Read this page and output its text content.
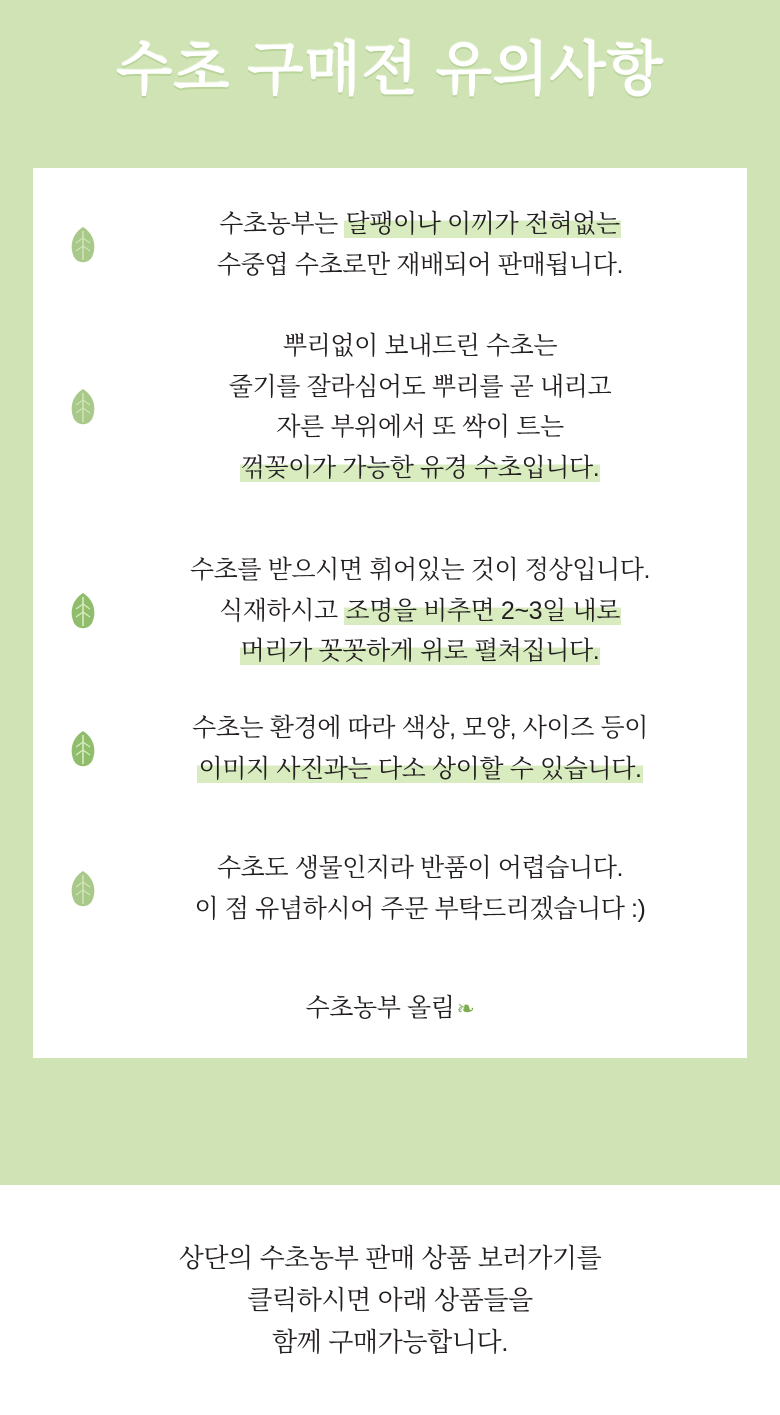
수초 구매전 유의사항
수초농부는 달팽이나 이끼가 전혀없는
수중엽 수초로만 재배되어 판매됩니다.
뿌리없이 보내드린 수초는
줄기를 잘라심어도 뿌리를 곧 내리고
자른 부위에서 또 싹이 트는
꺾꽂이가 가능한 유경 수초입니다.
수초를 받으시면 휘어있는 것이 정상입니다.
식재하시고 조명을 비추면 2~3일 내로
머리가 꼿꼿하게 위로 펼쳐집니다.
수초는 환경에 따라 색상, 모양, 사이즈 등이
이미지 사진과는 다소 상이할 수 있습니다.
수초도 생물인지라 반품이 어렵습니다.
이 점 유념하시어 주문 부탁드리겠습니다 :)
수초농부 올림❧
상단의 수초농부 판매 상품 보러가기를
클릭하시면 아래 상품들을
함께 구매가능합니다.
